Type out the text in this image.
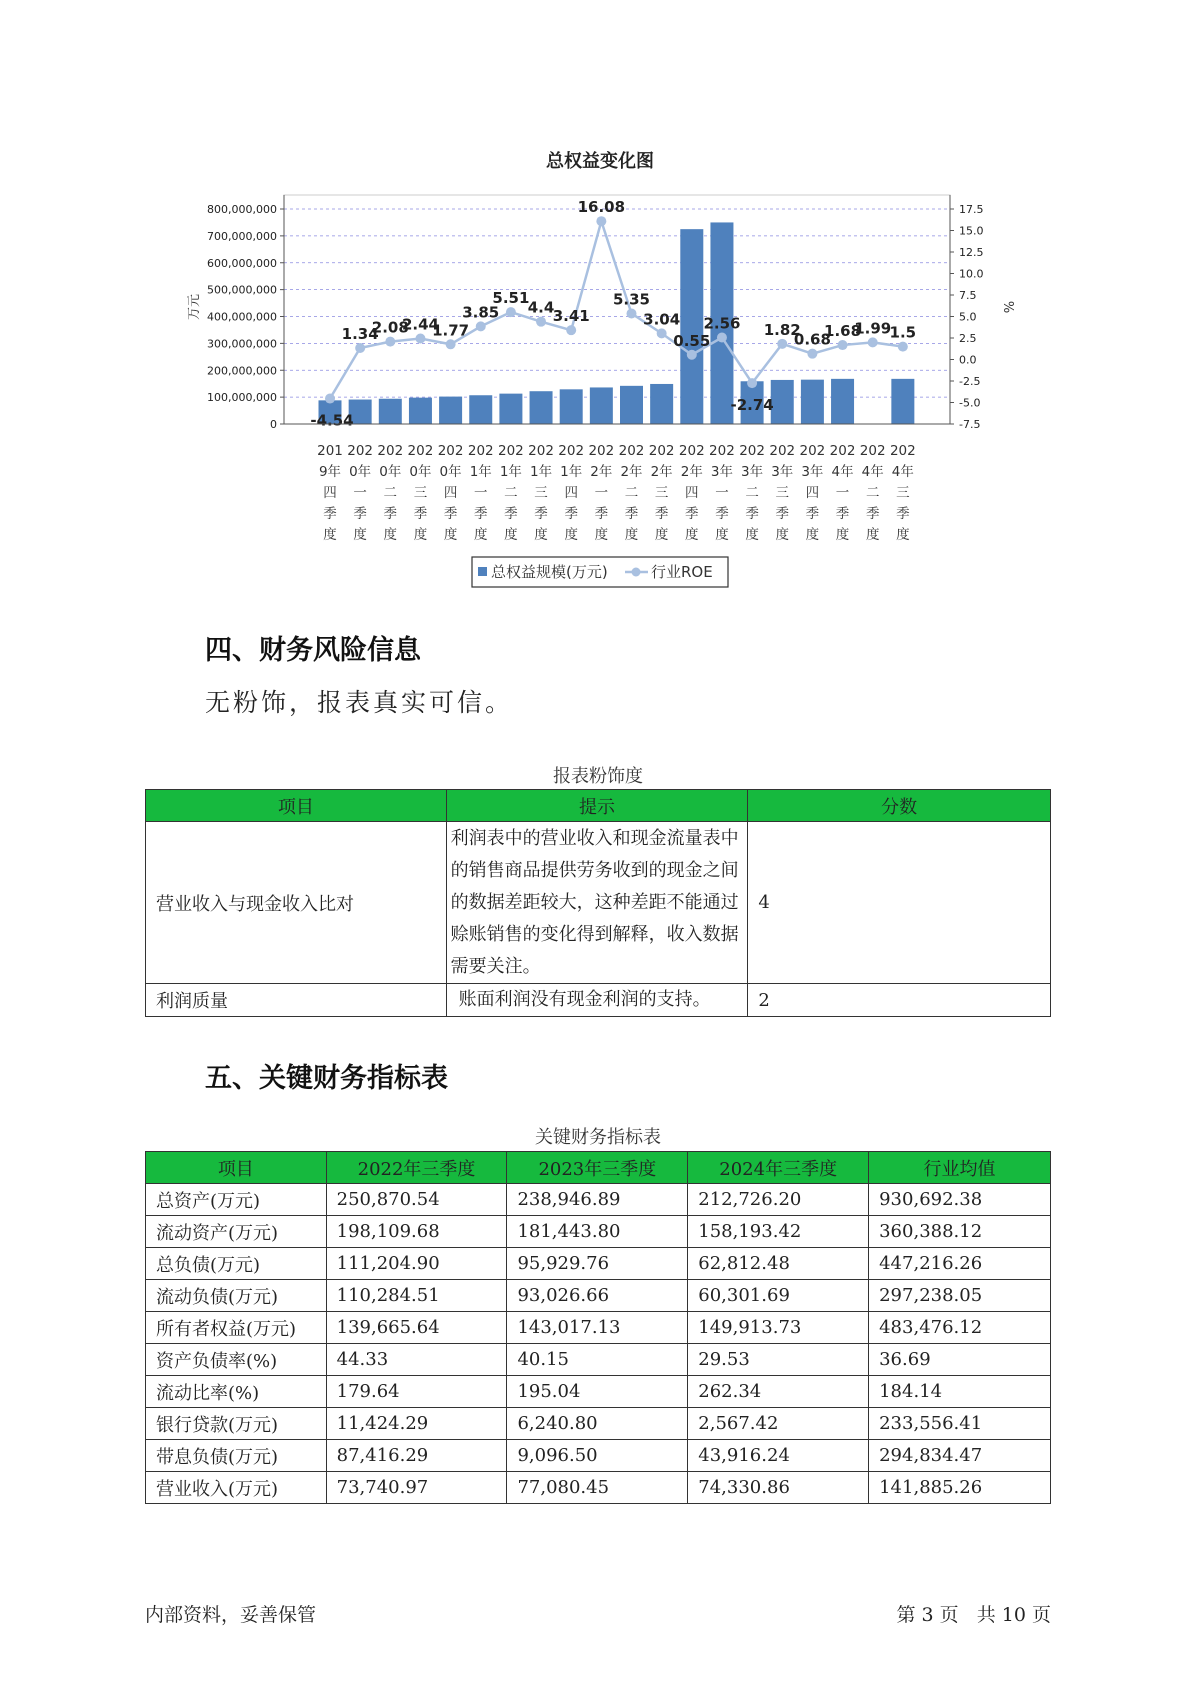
总权益变化图
万元	%
-4.54
1.34
2.08
2.44
1.77
3.85
5.51
4.4
3.41
16.08
5.35
3.04
0.55
2.56
-2.74
1.82
0.68
1.68
1.99
1.5
0
100,000,000
200,000,000
300,000,000
400,000,000
500,000,000
600,000,000
700,000,000
800,000,000
-7.5
-5.0
-2.5
0.0
2.5
5.0
7.5
10.0
12.5
15.0
17.5
201 9年四季度
202 0年一季度
202 0年二季度
202 0年三季度
202 0年四季度
202 1年一季度
202 1年二季度
202 1年三季度
202 1年四季度
202 2年一季度
202 2年二季度
202 2年三季度
202 2年四季度
202 3年一季度
202 3年二季度
202 3年三季度
202 3年四季度
202 4年一季度
202 4年二季度
202 4年三季度
总权益规模(万元)	行业ROE
四、财务风险信息
无粉饰，报表真实可信。
报表粉饰度
项目	提示	分数
营业收入与现金收入比对	利润表中的营业收入和现金流量表中的销售商品提供劳务收到的现金之间的数据差距较大，这种差距不能通过赊账销售的变化得到解释，收入数据需要关注。	4
利润质量	账面利润没有现金利润的支持。	2
五、关键财务指标表
关键财务指标表
项目	2022年三季度	2023年三季度	2024年三季度	行业均值
总资产(万元)	250,870.54	238,946.89	212,726.20	930,692.38
流动资产(万元)	198,109.68	181,443.80	158,193.42	360,388.12
总负债(万元)	111,204.90	95,929.76	62,812.48	447,216.26
流动负债(万元)	110,284.51	93,026.66	60,301.69	297,238.05
所有者权益(万元)	139,665.64	143,017.13	149,913.73	483,476.12
资产负债率(%)	44.33	40.15	29.53	36.69
流动比率(%)	179.64	195.04	262.34	184.14
银行贷款(万元)	11,424.29	6,240.80	2,567.42	233,556.41
带息负债(万元)	87,416.29	9,096.50	43,916.24	294,834.47
营业收入(万元)	73,740.97	77,080.45	74,330.86	141,885.26
内部资料，妥善保管	第 3 页   共 10 页
